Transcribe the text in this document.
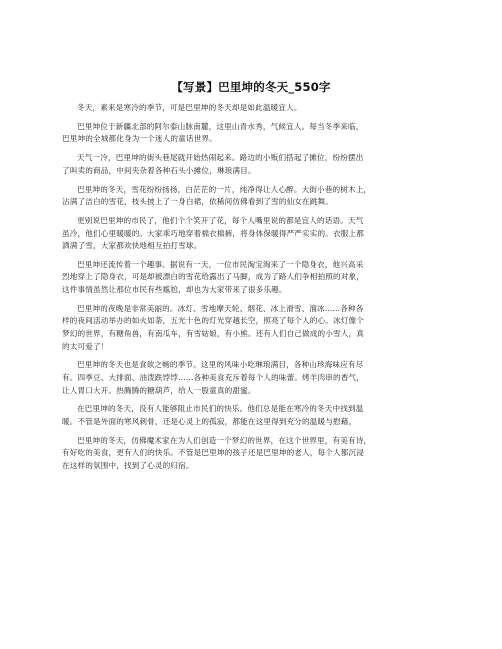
【写景】巴里坤的冬天_550字

冬天，素来是寒冷的季节，可是巴里坤的冬天却是如此温暖宜人。

巴里坤位于新疆北部的阿尔泰山脉南麓，这里山青水秀，气候宜人。每当冬季来临，
巴里坤的全城都化身为一个迷人的童话世界。

天气一冷，巴里坤的街头巷尾就开始热闹起来。路边的小贩们搭起了摊位，纷纷摆出
了叫卖的商品，中间夹杂着各种石头小摊位，琳琅满目。

巴里坤的冬天，雪花纷纷扬扬，白茫茫的一片，纯净得让人心醉。大街小巷的树木上，
沾满了洁白的雪花，枝头披上了一身白裙，依稀间仿佛看到了雪的仙女在跳舞。

更别说巴里坤的市民了，他们个个笑开了花，每个人嘴里说的都是宜人的话语。天气
虽冷，他们心里暖暖的。大家乖巧地穿着棉衣棉裤，将身体保暖得严严实实的。衣服上都
洒满了雪，大家都欢快地相互拍打雪球。

巴里坤还流传着一个趣事。据说有一天，一位市民淘宝淘来了一个隐身衣，他兴高采
烈地穿上了隐身衣，可是却被漂白的雪花给露出了马脚，成为了路人们争相拍照的对象，
这件事情虽然让那位市民有些尴尬，却也为大家带来了很多乐趣。

巴里坤的夜晚是非常美丽的。冰灯、雪地摩天轮、烟花、冰上滑雪、溜冰……各种各
样的夜间活动举办的如火如荼，五光十色的灯光穿越长空，照亮了每个人的心。冰灯像个
梦幻的世界，有糖角兽，有南瓜车，有雪姑娘，有小熊。还有人们自己做成的小雪人，真
的太可爱了！

巴里坤的冬天也是食欲之畅的季节。这里的风味小吃琳琅满目，各种山珍海味应有尽
有。四季豆、大排面、油泼跌饽饽……各种美食充斥着每个人的味蕾。烤羊肉串的香气，
让人胃口大开。热腾腾的糖葫芦，给人一股童真的甜蜜。

在巴里坤的冬天，没有人能够阻止市民们的快乐。他们总是能在寒冷的冬天中找到温
暖。不管是外面的寒风刺骨，还是心灵上的孤寂，都能在这里得到充分的温暖与慰藉。

巴里坤的冬天，仿佛魔术家在为人们创造一个梦幻的世界，在这个世界里，有美有诗，
有好吃的美食，更有人们的快乐。不管是巴里坤的孩子还是巴里坤的老人，每个人都沉浸
在这样的氛围中，找到了心灵的归宿。
